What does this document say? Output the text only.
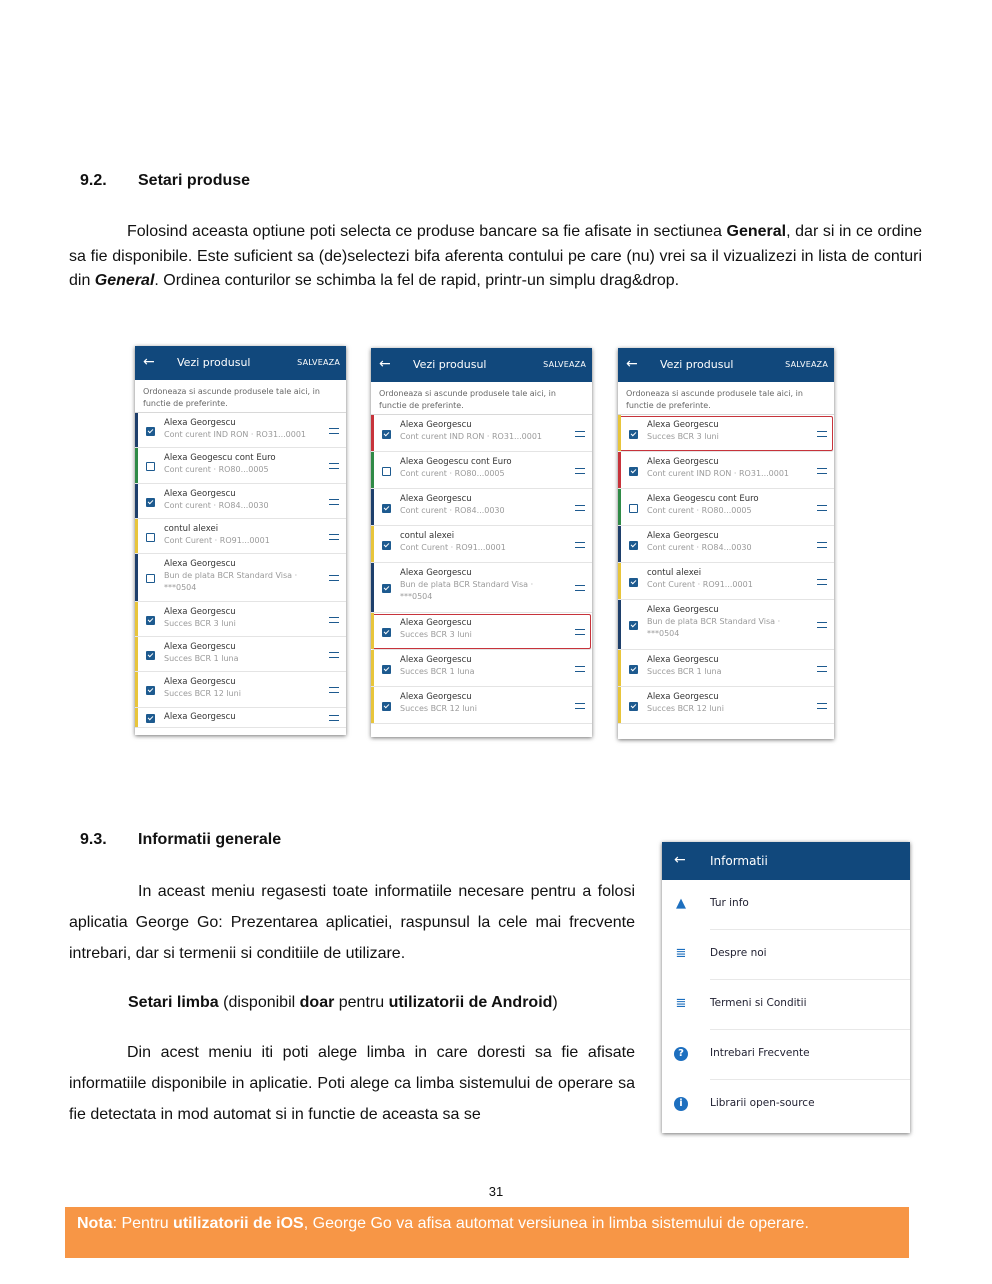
9.2. Setari produse
Folosind aceasta optiune poti selecta ce produse bancare sa fie afisate in sectiunea General, dar si in ce ordine sa fie disponibile. Este suficient sa (de)selectezi bifa aferenta contului pe care (nu) vrei sa il vizualizezi in lista de conturi din General. Ordinea conturilor se schimba la fel de rapid, printr-un simplu drag&drop.
←	Vezi produsul	SALVEAZA
Ordoneaza si ascunde produsele tale aici, in functie de preferinte.
Alexa Georgescu
Cont curent IND RON · RO31...0001
Alexa Geogescu cont Euro
Cont curent · RO80...0005
Alexa Georgescu
Cont curent · RO84...0030
contul alexei
Cont Curent · RO91...0001
Alexa Georgescu
Bun de plata BCR Standard Visa ·
***0504
Alexa Georgescu
Succes BCR 3 luni
Alexa Georgescu
Succes BCR 1 luna
Alexa Georgescu
Succes BCR 12 luni
Alexa Georgescu
←	Vezi produsul	SALVEAZA
Ordoneaza si ascunde produsele tale aici, in functie de preferinte.
Alexa Georgescu
Cont curent IND RON · RO31...0001
Alexa Geogescu cont Euro
Cont curent · RO80...0005
Alexa Georgescu
Cont curent · RO84...0030
contul alexei
Cont Curent · RO91...0001
Alexa Georgescu
Bun de plata BCR Standard Visa ·
***0504
Alexa Georgescu
Succes BCR 3 luni
Alexa Georgescu
Succes BCR 1 luna
Alexa Georgescu
Succes BCR 12 luni
←	Vezi produsul	SALVEAZA
Ordoneaza si ascunde produsele tale aici, in functie de preferinte.
Alexa Georgescu
Succes BCR 3 luni
Alexa Georgescu
Cont curent IND RON · RO31...0001
Alexa Geogescu cont Euro
Cont curent · RO80...0005
Alexa Georgescu
Cont curent · RO84...0030
contul alexei
Cont Curent · RO91...0001
Alexa Georgescu
Bun de plata BCR Standard Visa ·
***0504
Alexa Georgescu
Succes BCR 1 luna
Alexa Georgescu
Succes BCR 12 luni
9.3. Informatii generale
In aceast meniu regasesti toate informatiile necesare pentru a folosi aplicatia George Go: Prezentarea aplicatiei, raspunsul la cele mai frecvente intrebari, dar si termenii si conditiile de utilizare.
Setari limba (disponibil doar pentru utilizatorii de Android)
Din acest meniu iti poti alege limba in care doresti sa fie afisate informatiile disponibile in aplicatie. Poti alege ca limba sistemului de operare sa fie detectata in mod automat si in functie de aceasta sa se
← Informatii
▲ Tur info
≣ Despre noi
≣ Termeni si Conditii
?	Intrebari Frecvente
i	Librarii open-source
31
Nota: Pentru utilizatorii de iOS, George Go va afisa automat versiunea in limba sistemului de operare.
